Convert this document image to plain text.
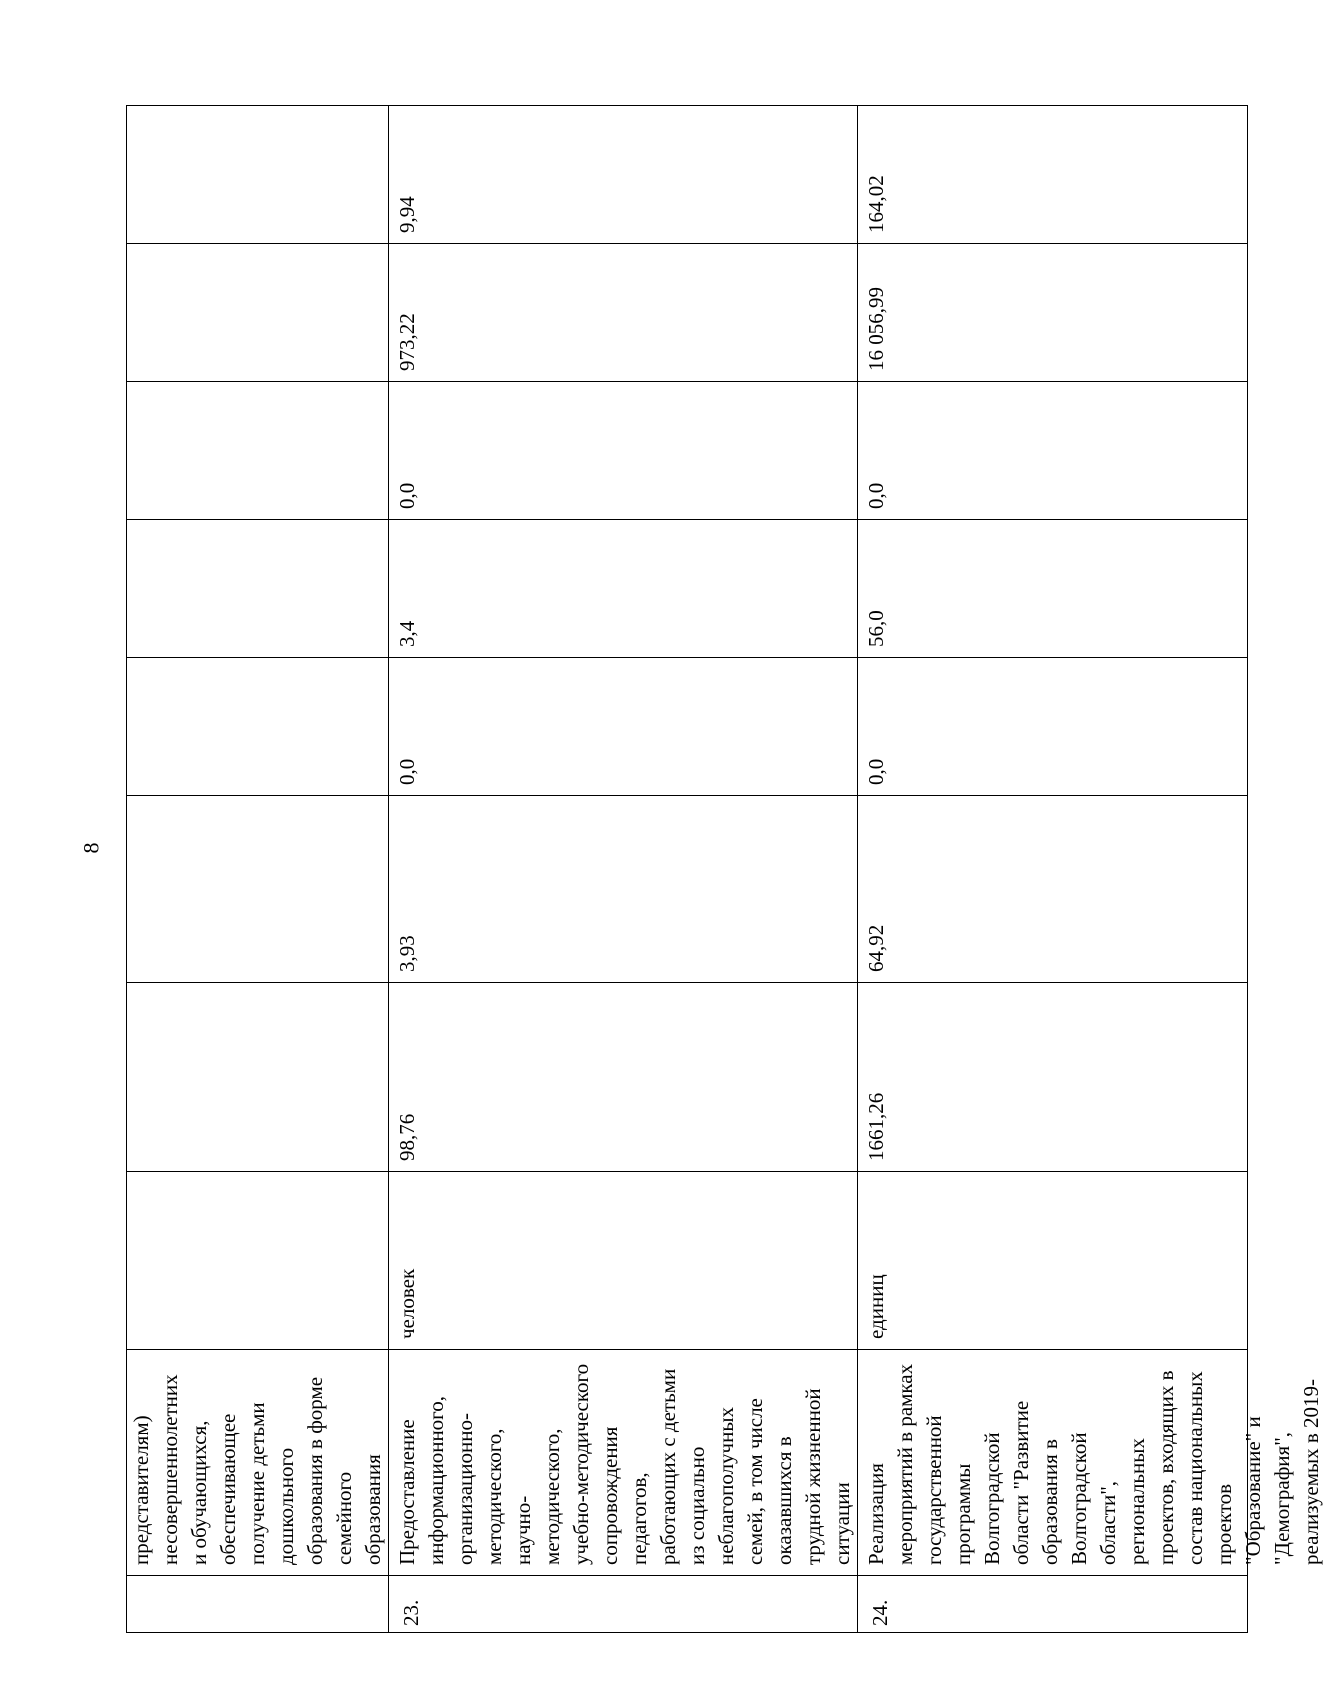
8
	представителям) несовершеннолетних и обучающихся, обеспечивающее получение детьми дошкольного образования в форме семейного образования								
23.	Предоставление информационного, организационно-методического, научно-методического, учебно-методического сопровождения педагогов, работающих с детьми из социально неблагополучных семей, в том числе оказавшихся в трудной жизненной ситуации	человек	98,76	3,93	0,0	3,4	0,0	973,22	9,94
24.	Реализация мероприятий в рамках государственной программы Волгоградской области "Развитие образования в Волгоградской области", региональных проектов, входящих в состав национальных проектов "Образование" и "Демография", реализуемых в 2019-	единиц	1661,26	64,92	0,0	56,0	0,0	16 056,99	164,02
